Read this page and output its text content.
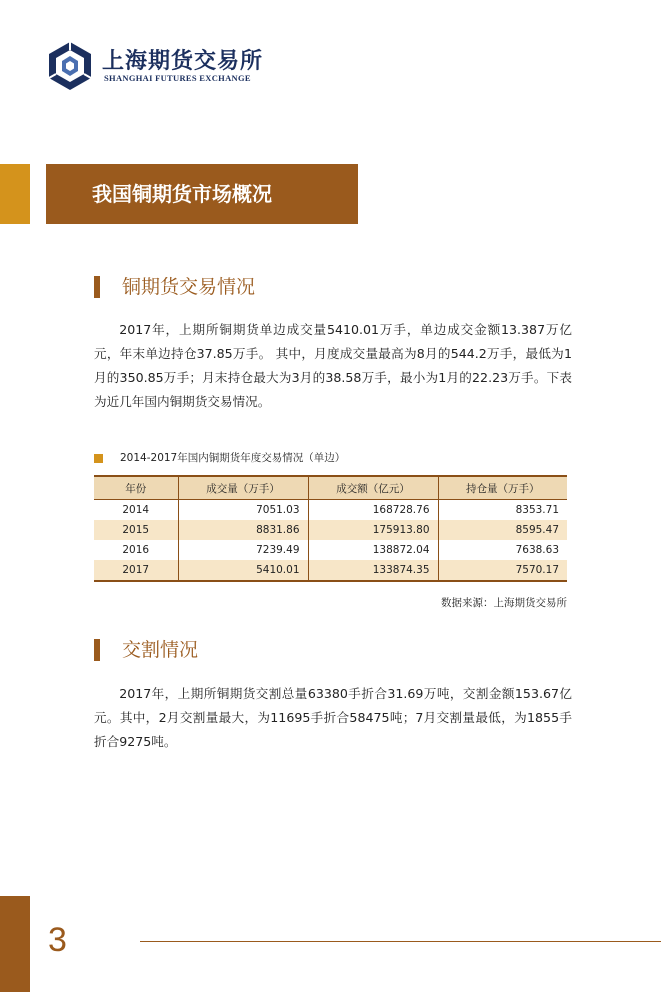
上海期货交易所
SHANGHAI FUTURES EXCHANGE
我国铜期货市场概况
铜期货交易情况
2017年，上期所铜期货单边成交量5410.01万手，单边成交金额13.387万亿元，年末单边持仓37.85万手。 其中，月度成交量最高为8月的544.2万手，最低为1月的350.85万手；月末持仓最大为3月的38.58万手，最小为1月的22.23万手。下表为近几年国内铜期货交易情况。
2014-2017年国内铜期货年度交易情况（单边）
年份	成交量（万手）	成交额（亿元）	持仓量（万手）
2014	7051.03	168728.76	8353.71
2015	8831.86	175913.80	8595.47
2016	7239.49	138872.04	7638.63
2017	5410.01	133874.35	7570.17
数据来源：上海期货交易所
交割情况
2017年，上期所铜期货交割总量63380手折合31.69万吨，交割金额153.67亿元。其中，2月交割量最大，为11695手折合58475吨；7月交割量最低，为1855手折合9275吨。
3
